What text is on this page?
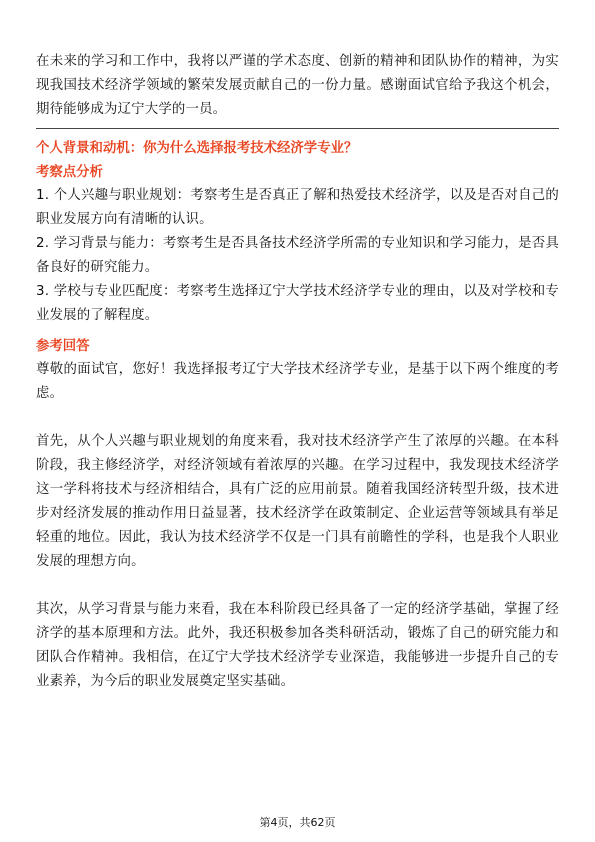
在未来的学习和工作中，我将以严谨的学术态度、创新的精神和团队协作的精神，为实现我国技术经济学领域的繁荣发展贡献自己的一份力量。感谢面试官给予我这个机会，期待能够成为辽宁大学的一员。

个人背景和动机：你为什么选择报考技术经济学专业？
考察点分析

1. 个人兴趣与职业规划：考察考生是否真正了解和热爱技术经济学，以及是否对自己的职业发展方向有清晰的认识。

2. 学习背景与能力：考察考生是否具备技术经济学所需的专业知识和学习能力，是否具备良好的研究能力。

3. 学校与专业匹配度：考察考生选择辽宁大学技术经济学专业的理由，以及对学校和专业发展的了解程度。

参考回答

尊敬的面试官，您好！我选择报考辽宁大学技术经济学专业，是基于以下两个维度的考虑。

首先，从个人兴趣与职业规划的角度来看，我对技术经济学产生了浓厚的兴趣。在本科阶段，我主修经济学，对经济领域有着浓厚的兴趣。在学习过程中，我发现技术经济学这一学科将技术与经济相结合，具有广泛的应用前景。随着我国经济转型升级，技术进步对经济发展的推动作用日益显著，技术经济学在政策制定、企业运营等领域具有举足轻重的地位。因此，我认为技术经济学不仅是一门具有前瞻性的学科，也是我个人职业发展的理想方向。

其次，从学习背景与能力来看，我在本科阶段已经具备了一定的经济学基础，掌握了经济学的基本原理和方法。此外，我还积极参加各类科研活动，锻炼了自己的研究能力和团队合作精神。我相信，在辽宁大学技术经济学专业深造，我能够进一步提升自己的专业素养，为今后的职业发展奠定坚实基础。

第4页，共62页
